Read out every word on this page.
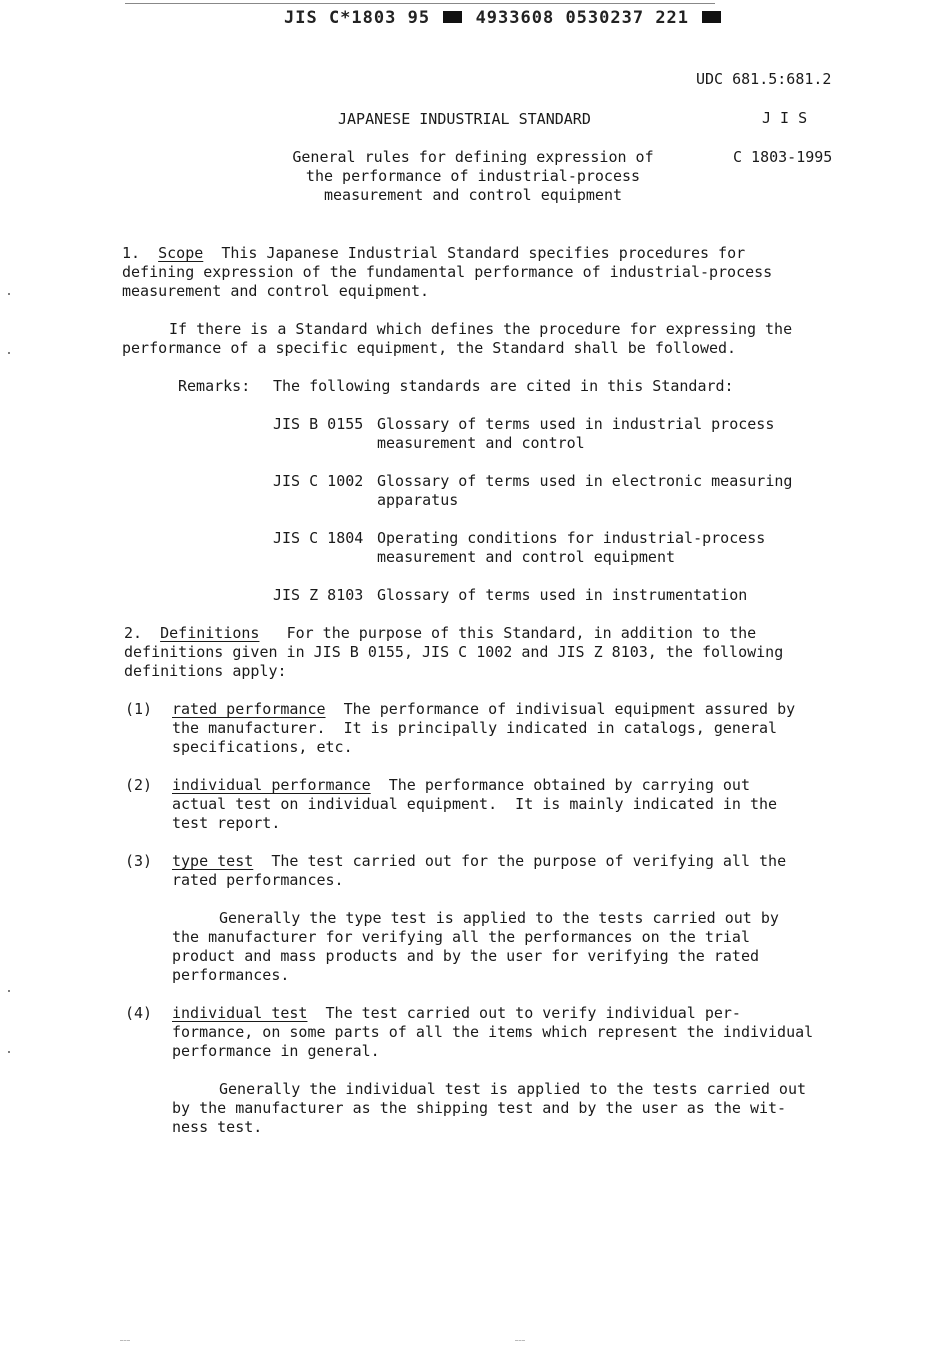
JIS C*1803 95	4933608 0530237 221
UDC 681.5:681.2
JAPANESE INDUSTRIAL STANDARD	J I S
C 1803-1995
General rules for defining expression of
the performance of industrial-process
measurement and control equipment
1. Scope This Japanese Industrial Standard specifies procedures for
defining expression of the fundamental performance of industrial-process
measurement and control equipment.
If there is a Standard which defines the procedure for expressing the
performance of a specific equipment, the Standard shall be followed.
Remarks: The following standards are cited in this Standard:
JIS B 0155 Glossary of terms used in industrial process
measurement and control
JIS C 1002 Glossary of terms used in electronic measuring
apparatus
JIS C 1804 Operating conditions for industrial-process
measurement and control equipment
JIS Z 8103 Glossary of terms used in instrumentation
2. Definitions For the purpose of this Standard, in addition to the
definitions given in JIS B 0155, JIS C 1002 and JIS Z 8103, the following
definitions apply:
(1) rated performance The performance of indivisual equipment assured by
the manufacturer.  It is principally indicated in catalogs, general
specifications, etc.
(2) individual performance The performance obtained by carrying out
actual test on individual equipment.  It is mainly indicated in the
test report.
(3) type test The test carried out for the purpose of verifying all the
rated performances.
Generally the type test is applied to the tests carried out by
the manufacturer for verifying all the performances on the trial
product and mass products and by the user for verifying the rated
performances.
(4) individual test The test carried out to verify individual per-
formance, on some parts of all the items which represent the individual
performance in general.
Generally the individual test is applied to the tests carried out
by the manufacturer as the shipping test and by the user as the wit-
ness test.
